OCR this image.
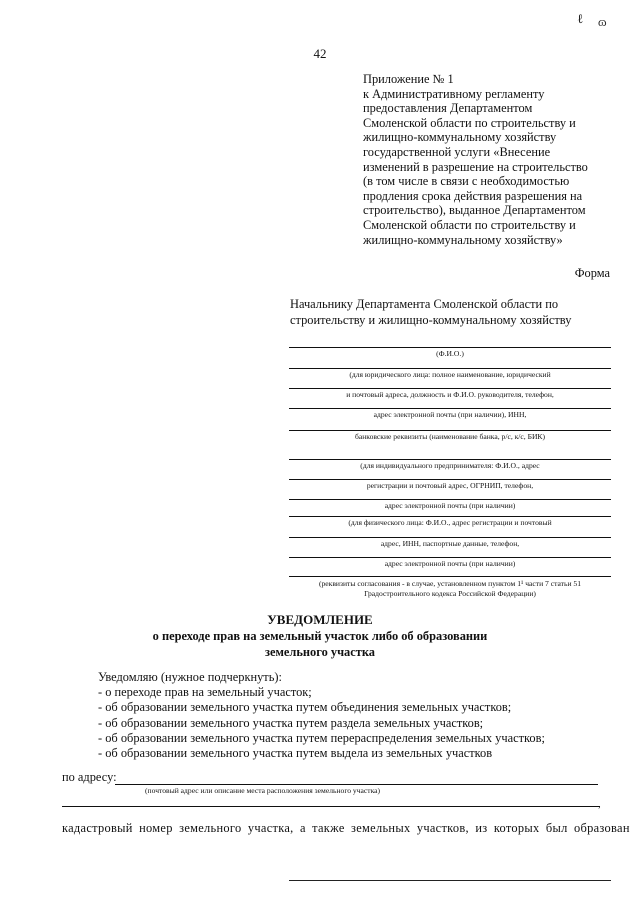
ℓ ɷ
42
Приложение № 1
к Административному регламенту
предоставления Департаментом
Смоленской области по строительству и
жилищно-коммунальному хозяйству
государственной услуги «Внесение
изменений в разрешение на строительство
(в том числе в связи с необходимостью
продления срока действия разрешения на
строительство), выданное Департаментом
Смоленской области по строительству и
жилищно-коммунальному хозяйству»
Форма
Начальнику Департамента Смоленской области по
строительству и жилищно-коммунальному хозяйству
(Ф.И.О.)
(для юридического лица: полное наименование, юридический
и почтовый адреса, должность и Ф.И.О. руководителя, телефон,
адрес электронной почты (при наличии), ИНН,
банковские реквизиты (наименование банка, р/с, к/с, БИК)
(для индивидуального предпринимателя: Ф.И.О., адрес
регистрации и почтовый адрес, ОГРНИП, телефон,
адрес электронной почты (при наличии)
(для физического лица: Ф.И.О., адрес регистрации и почтовый
адрес, ИНН, паспортные данные, телефон,
адрес электронной почты (при наличии)
(реквизиты согласования - в случае, установленном пунктом 1¹ части 7 статьи 51
Градостроительного кодекса Российской Федерации)
УВЕДОМЛЕНИЕ
о переходе прав на земельный участок либо об образовании
земельного участка
Уведомляю (нужное подчеркнуть):
- о переходе прав на земельный участок;
- об образовании земельного участка путем объединения земельных участков;
- об образовании земельного участка путем раздела земельных участков;
- об образовании земельного участка путем перераспределения земельных участков;
- об образовании земельного участка путем выдела из земельных участков
по адресу:
(почтовый адрес или описание места расположения земельного участка)
,
кадастровый номер земельного участка, а также земельных участков, из которых был образован
